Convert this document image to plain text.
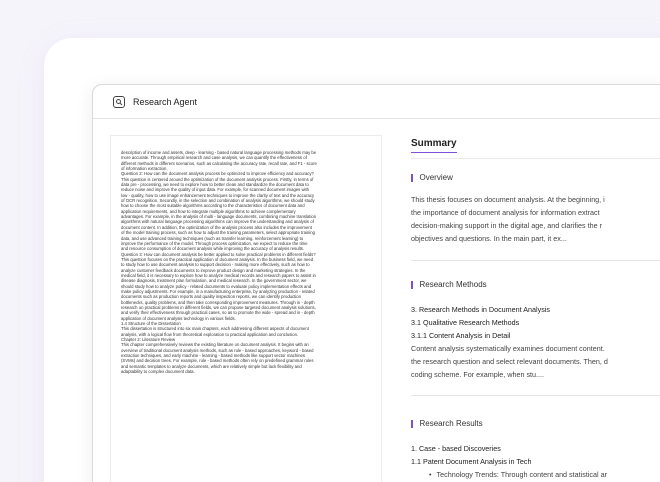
Research Agent
description of income and assets, deep - learning - based natural language processing methods may be
more accurate. Through empirical research and case analysis, we can quantify the effectiveness of
different methods in different scenarios, such as calculating the accuracy rate, recall rate, and F1 - score
of information extraction.
Question 2: How can the document analysis process be optimized to improve efficiency and accuracy?
This question is centered around the optimization of the document analysis process. Firstly, in terms of
data pre - processing, we need to explore how to better clean and standardize the document data to
reduce noise and improve the quality of input data. For example, for scanned document images with
low - quality, how to use image enhancement techniques to improve the clarity of text and the accuracy
of OCR recognition. Secondly, in the selection and combination of analysis algorithms, we should study
how to choose the most suitable algorithms according to the characteristics of document data and
application requirements, and how to integrate multiple algorithms to achieve complementary
advantages. For example, in the analysis of multi - language documents, combining machine translation
algorithms with natural language processing algorithms can improve the understanding and analysis of
document content. In addition, the optimization of the analysis process also includes the improvement
of the model training process, such as how to adjust the training parameters, select appropriate training
data, and use advanced training techniques (such as transfer learning, reinforcement learning) to
improve the performance of the model. Through process optimization, we expect to reduce the time
and resource consumption of document analysis while improving the accuracy of analysis results.
Question 3: How can document analysis be better applied to solve practical problems in different fields?
This question focuses on the practical application of document analysis. In the business field, we need
to study how to use document analysis to support decision - making more effectively, such as how to
analyze customer feedback documents to improve product design and marketing strategies. In the
medical field, it is necessary to explore how to analyze medical records and research papers to assist in
disease diagnosis, treatment plan formulation, and medical research. In the government sector, we
should study how to analyze policy - related documents to evaluate policy implementation effects and
make policy adjustments. For example, in a manufacturing enterprise, by analyzing production - related
documents such as production reports and quality inspection reports, we can identify production
bottlenecks, quality problems, and then take corresponding improvement measures. Through in - depth
research on practical problems in different fields, we can propose targeted document analysis solutions,
and verify their effectiveness through practical cases, so as to promote the wide - spread and in - depth
application of document analysis technology in various fields.
1.4 Structure of the Dissertation
This dissertation is structured into six main chapters, each addressing different aspects of document
analysis, with a logical flow from theoretical exploration to practical application and conclusion.
Chapter 2: Literature Review
This chapter comprehensively reviews the existing literature on document analysis. It begins with an
overview of traditional document analysis methods, such as rule - based approaches, keyword - based
extraction techniques, and early machine - learning - based methods like support vector machines
(SVMs) and decision trees. For example, rule - based methods often rely on predefined grammar rules
and semantic templates to analyze documents, which are relatively simple but lack flexibility and
adaptability to complex document data.
Summary
Overview
This thesis focuses on document analysis. At the beginning, i
the importance of document analysis for information extract
decision-making support in the digital age, and clarifies the r
objectives and questions. In the main part, it ex...
Research Methods
3. Research Methods in Document Analysis
3.1 Qualitative Research Methods
3.1.1 Content Analysis in Detail
Content analysis systematically examines document content.
the research question and select relevant documents. Then, d
coding scheme. For example, when stu....
Research Results
1. Case - based Discoveries
1.1 Patent Document Analysis in Tech
• Technology Trends: Through content and statistical ar
